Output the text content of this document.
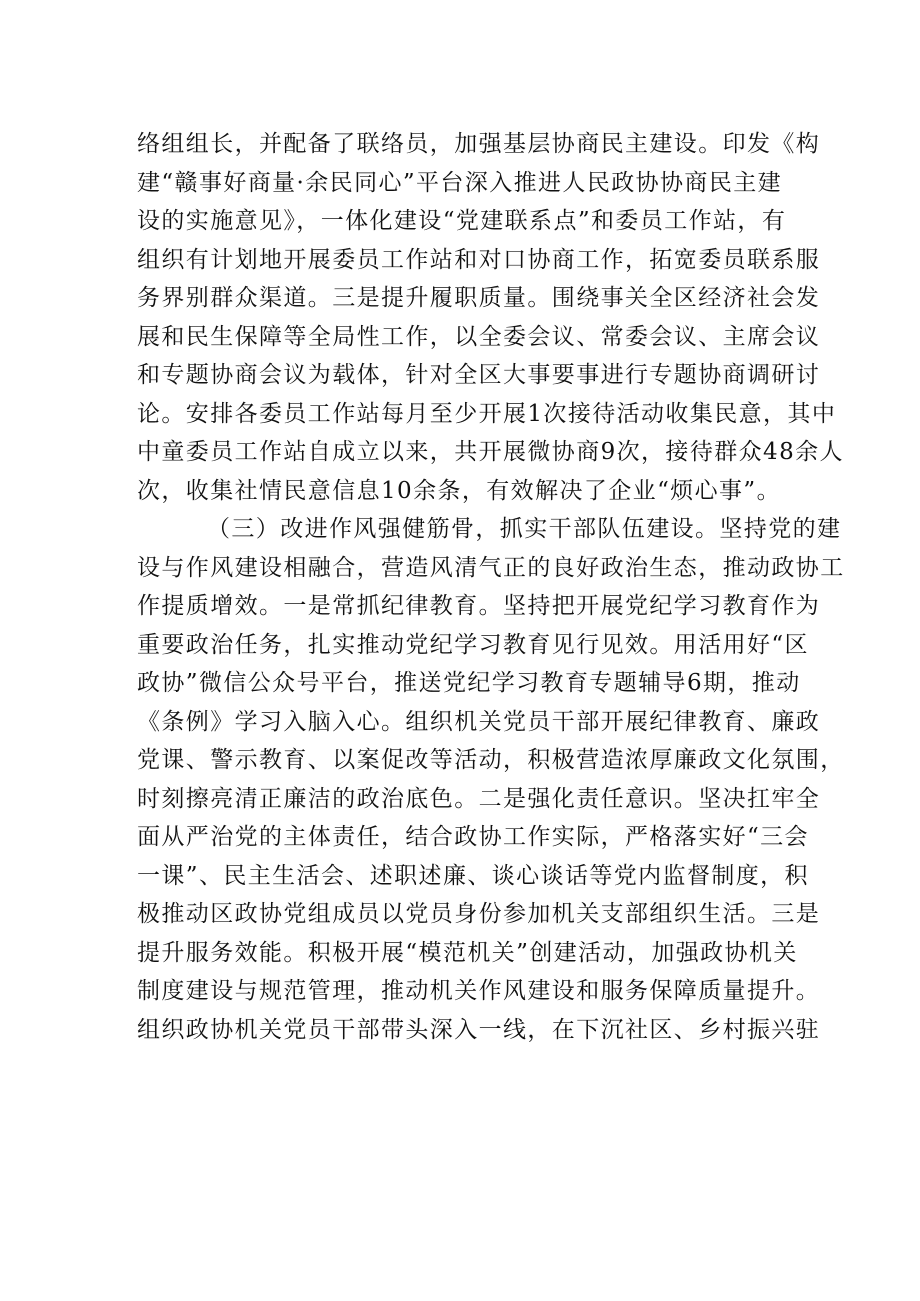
络组组长，并配备了联络员，加强基层协商民主建设。印发《构
建“赣事好商量·余民同心”平台深入推进人民政协协商民主建
设的实施意见》，一体化建设“党建联系点”和委员工作站，有
组织有计划地开展委员工作站和对口协商工作，拓宽委员联系服
务界别群众渠道。三是提升履职质量。围绕事关全区经济社会发
展和民生保障等全局性工作，以全委会议、常委会议、主席会议
和专题协商会议为载体，针对全区大事要事进行专题协商调研讨
论。安排各委员工作站每月至少开展1次接待活动收集民意，其中
中童委员工作站自成立以来，共开展微协商9次，接待群众48余人
次，收集社情民意信息10余条，有效解决了企业“烦心事”。
（三）改进作风强健筋骨，抓实干部队伍建设。坚持党的建
设与作风建设相融合，营造风清气正的良好政治生态，推动政协工
作提质增效。一是常抓纪律教育。坚持把开展党纪学习教育作为
重要政治任务，扎实推动党纪学习教育见行见效。用活用好“区
政协”微信公众号平台，推送党纪学习教育专题辅导6期，推动
《条例》学习入脑入心。组织机关党员干部开展纪律教育、廉政
党课、警示教育、以案促改等活动，积极营造浓厚廉政文化氛围，
时刻擦亮清正廉洁的政治底色。二是强化责任意识。坚决扛牢全
面从严治党的主体责任，结合政协工作实际，严格落实好“三会
一课”、民主生活会、述职述廉、谈心谈话等党内监督制度，积
极推动区政协党组成员以党员身份参加机关支部组织生活。三是
提升服务效能。积极开展“模范机关”创建活动，加强政协机关
制度建设与规范管理，推动机关作风建设和服务保障质量提升。
组织政协机关党员干部带头深入一线，在下沉社区、乡村振兴驻
